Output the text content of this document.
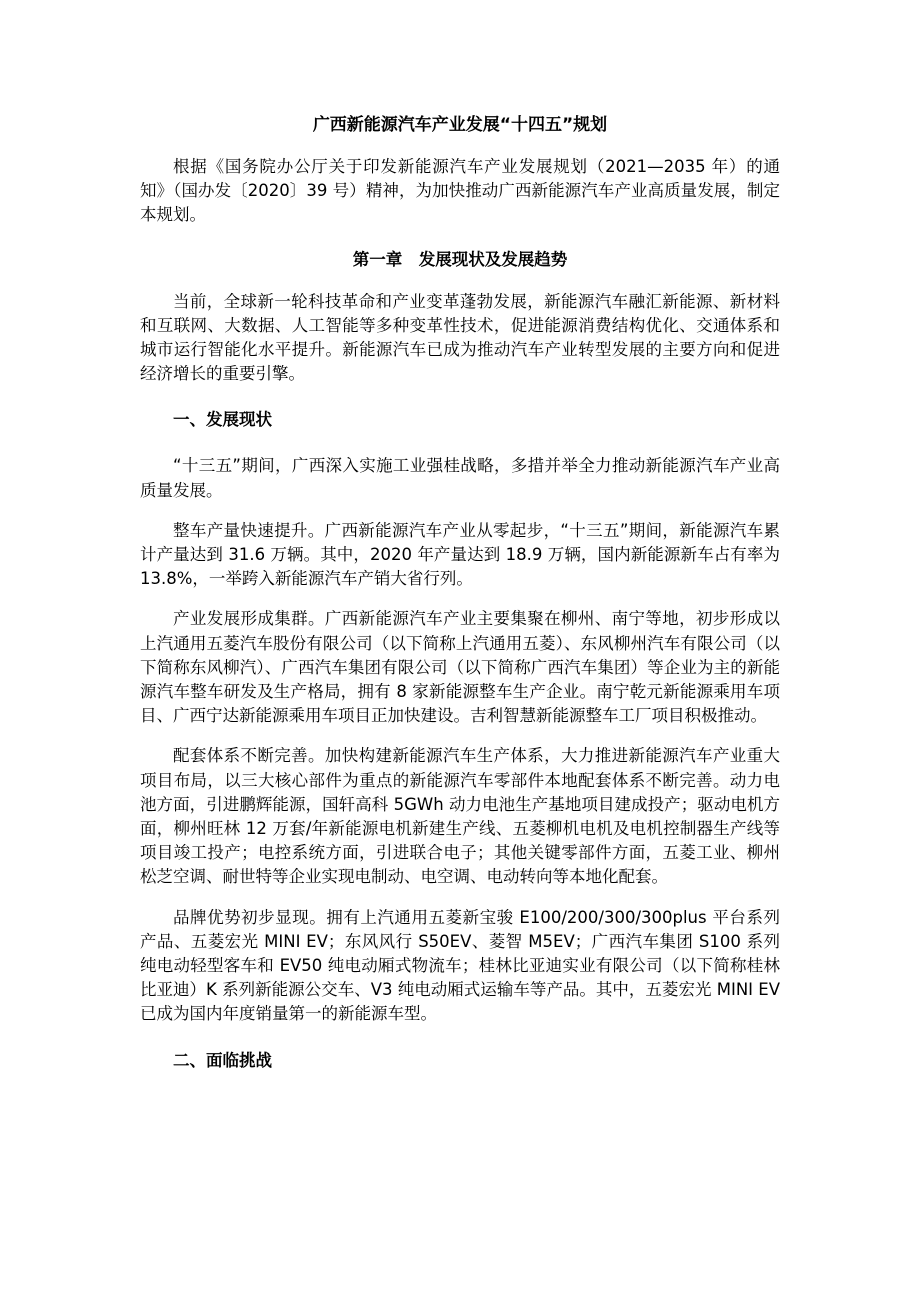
广西新能源汽车产业发展“十四五”规划

根据《国务院办公厅关于印发新能源汽车产业发展规划（2021—2035 年）的通知》（国办发〔2020〕39 号）精神，为加快推动广西新能源汽车产业高质量发展，制定本规划。

第一章　发展现状及发展趋势

当前，全球新一轮科技革命和产业变革蓬勃发展，新能源汽车融汇新能源、新材料和互联网、大数据、人工智能等多种变革性技术，促进能源消费结构优化、交通体系和城市运行智能化水平提升。新能源汽车已成为推动汽车产业转型发展的主要方向和促进经济增长的重要引擎。

一、发展现状

“十三五”期间，广西深入实施工业强桂战略，多措并举全力推动新能源汽车产业高质量发展。

整车产量快速提升。广西新能源汽车产业从零起步，“十三五”期间，新能源汽车累计产量达到 31.6 万辆。其中，2020 年产量达到 18.9 万辆，国内新能源新车占有率为 13.8%，一举跨入新能源汽车产销大省行列。

产业发展形成集群。广西新能源汽车产业主要集聚在柳州、南宁等地，初步形成以上汽通用五菱汽车股份有限公司（以下简称上汽通用五菱）、东风柳州汽车有限公司（以下简称东风柳汽）、广西汽车集团有限公司（以下简称广西汽车集团）等企业为主的新能源汽车整车研发及生产格局，拥有 8 家新能源整车生产企业。南宁乾元新能源乘用车项目、广西宁达新能源乘用车项目正加快建设。吉利智慧新能源整车工厂项目积极推动。

配套体系不断完善。加快构建新能源汽车生产体系，大力推进新能源汽车产业重大项目布局，以三大核心部件为重点的新能源汽车零部件本地配套体系不断完善。动力电池方面，引进鹏辉能源，国轩高科 5GWh 动力电池生产基地项目建成投产；驱动电机方面，柳州旺林 12 万套/年新能源电机新建生产线、五菱柳机电机及电机控制器生产线等项目竣工投产；电控系统方面，引进联合电子；其他关键零部件方面，五菱工业、柳州松芝空调、耐世特等企业实现电制动、电空调、电动转向等本地化配套。

品牌优势初步显现。拥有上汽通用五菱新宝骏 E100/200/300/300plus 平台系列产品、五菱宏光 MINI EV；东风风行 S50EV、菱智 M5EV；广西汽车集团 S100 系列纯电动轻型客车和 EV50 纯电动厢式物流车；桂林比亚迪实业有限公司（以下简称桂林比亚迪）K 系列新能源公交车、V3 纯电动厢式运输车等产品。其中，五菱宏光 MINI EV 已成为国内年度销量第一的新能源车型。

二、面临挑战
